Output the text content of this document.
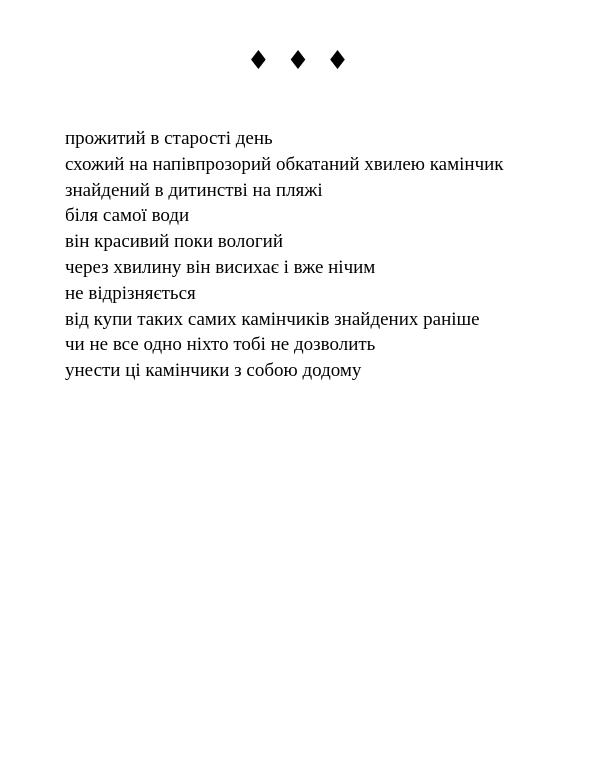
♦ ♦ ♦
прожитий в старості день
схожий на напівпрозорий обкатаний хвилею камінчик
знайдений в дитинстві на пляжі
біля самої води
він красивий поки вологий
через хвилину він висихає і вже нічим
не відрізняється
від купи таких самих камінчиків знайдених раніше
чи не все одно ніхто тобі не дозволить
унести ці камінчики з собою додому
